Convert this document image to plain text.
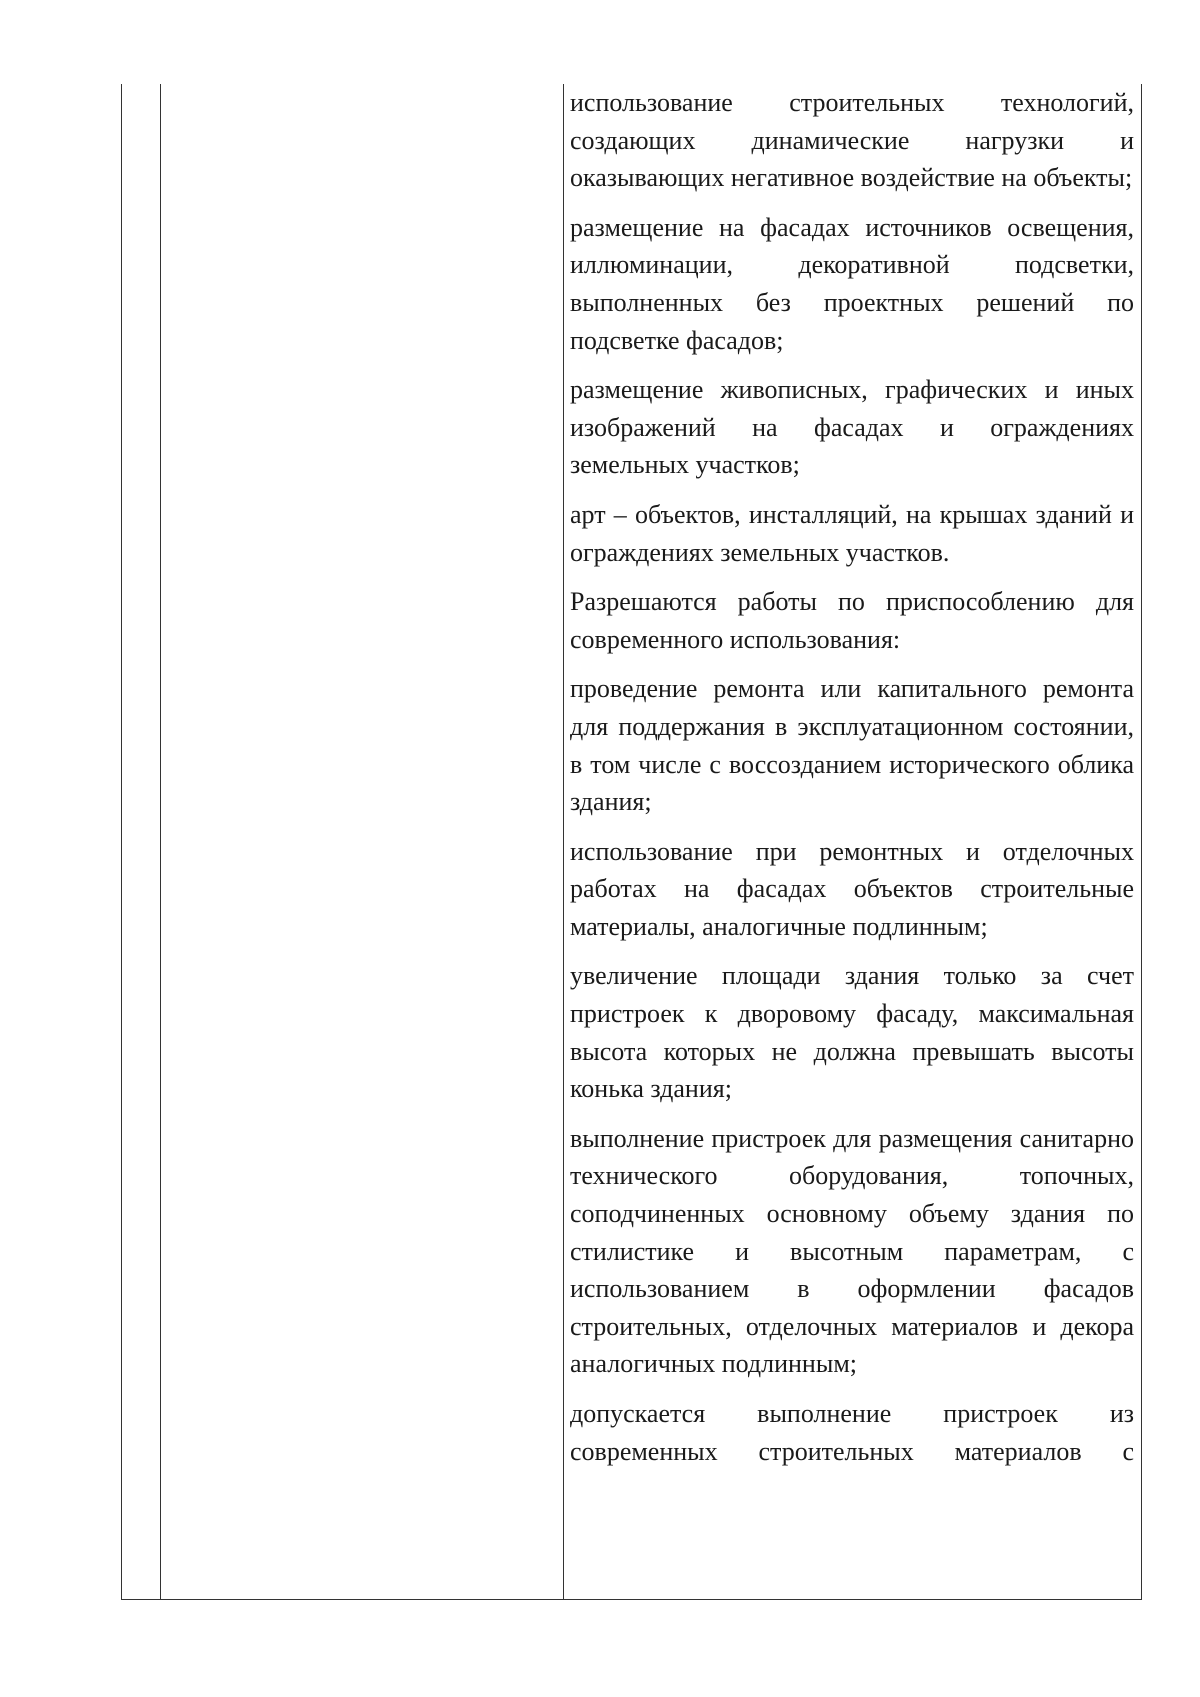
использование строительных технологий, создающих динамические нагрузки и оказывающих негативное воздействие на объекты;

размещение на фасадах источников освещения, иллюминации, декоративной подсветки, выполненных без проектных решений по подсветке фасадов;

размещение живописных, графических и иных изображений на фасадах и ограждениях земельных участков;

арт – объектов, инсталляций, на крышах зданий и ограждениях земельных участков.

Разрешаются работы по приспособлению для современного использования:

проведение ремонта или капитального ремонта для поддержания в эксплуатационном состоянии, в том числе с воссозданием исторического облика здания;

использование при ремонтных и отделочных работах на фасадах объектов строительные материалы, аналогичные подлинным;

увеличение площади здания только за счет пристроек к дворовому фасаду, максимальная высота которых не должна превышать высоты конька здания;

выполнение пристроек для размещения санитарно технического оборудования, топочных, соподчиненных основному объему здания по стилистике и высотным параметрам, с использованием в оформлении фасадов строительных, отделочных материалов и декора аналогичных подлинным;

допускается выполнение пристроек из современных строительных материалов с
